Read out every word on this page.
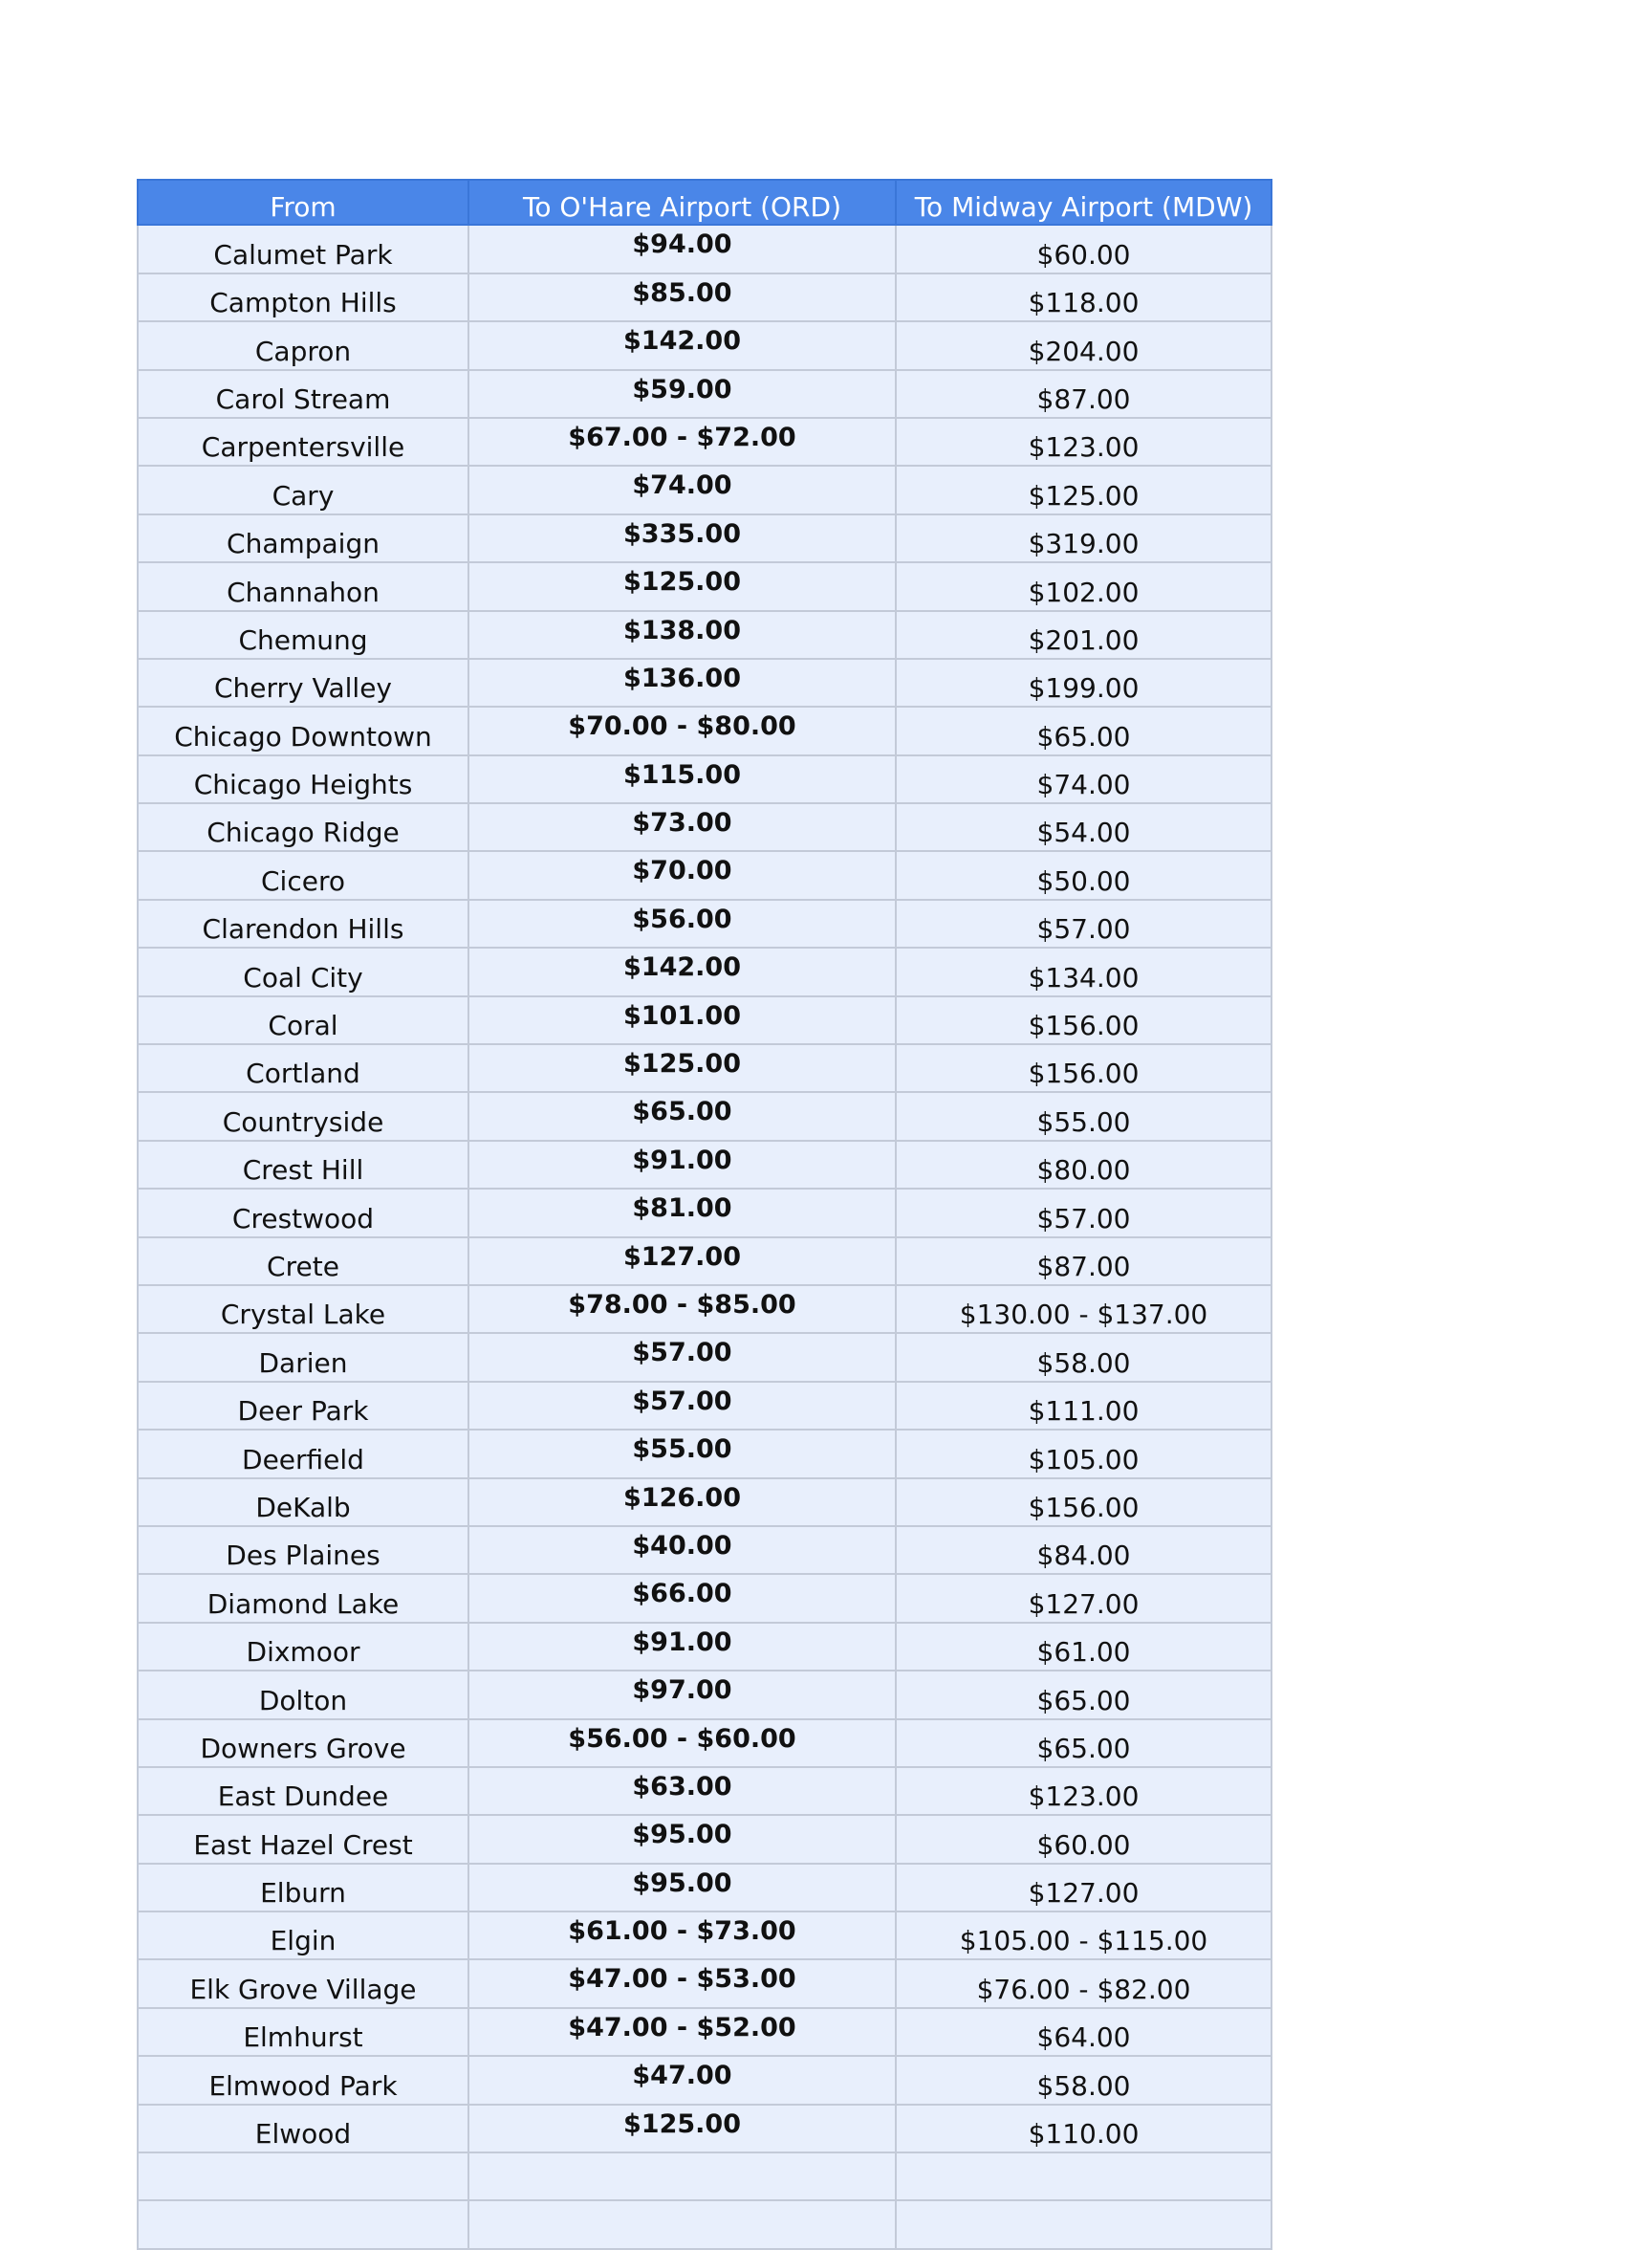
From	To O'Hare Airport (ORD)	To Midway Airport (MDW)
Calumet Park	$94.00	$60.00
Campton Hills	$85.00	$118.00
Capron	$142.00	$204.00
Carol Stream	$59.00	$87.00
Carpentersville	$67.00 - $72.00	$123.00
Cary	$74.00	$125.00
Champaign	$335.00	$319.00
Channahon	$125.00	$102.00
Chemung	$138.00	$201.00
Cherry Valley	$136.00	$199.00
Chicago Downtown	$70.00 - $80.00	$65.00
Chicago Heights	$115.00	$74.00
Chicago Ridge	$73.00	$54.00
Cicero	$70.00	$50.00
Clarendon Hills	$56.00	$57.00
Coal City	$142.00	$134.00
Coral	$101.00	$156.00
Cortland	$125.00	$156.00
Countryside	$65.00	$55.00
Crest Hill	$91.00	$80.00
Crestwood	$81.00	$57.00
Crete	$127.00	$87.00
Crystal Lake	$78.00 - $85.00	$130.00 - $137.00
Darien	$57.00	$58.00
Deer Park	$57.00	$111.00
Deerfield	$55.00	$105.00
DeKalb	$126.00	$156.00
Des Plaines	$40.00	$84.00
Diamond Lake	$66.00	$127.00
Dixmoor	$91.00	$61.00
Dolton	$97.00	$65.00
Downers Grove	$56.00 - $60.00	$65.00
East Dundee	$63.00	$123.00
East Hazel Crest	$95.00	$60.00
Elburn	$95.00	$127.00
Elgin	$61.00 - $73.00	$105.00 - $115.00
Elk Grove Village	$47.00 - $53.00	$76.00 - $82.00
Elmhurst	$47.00 - $52.00	$64.00
Elmwood Park	$47.00	$58.00
Elwood	$125.00	$110.00
